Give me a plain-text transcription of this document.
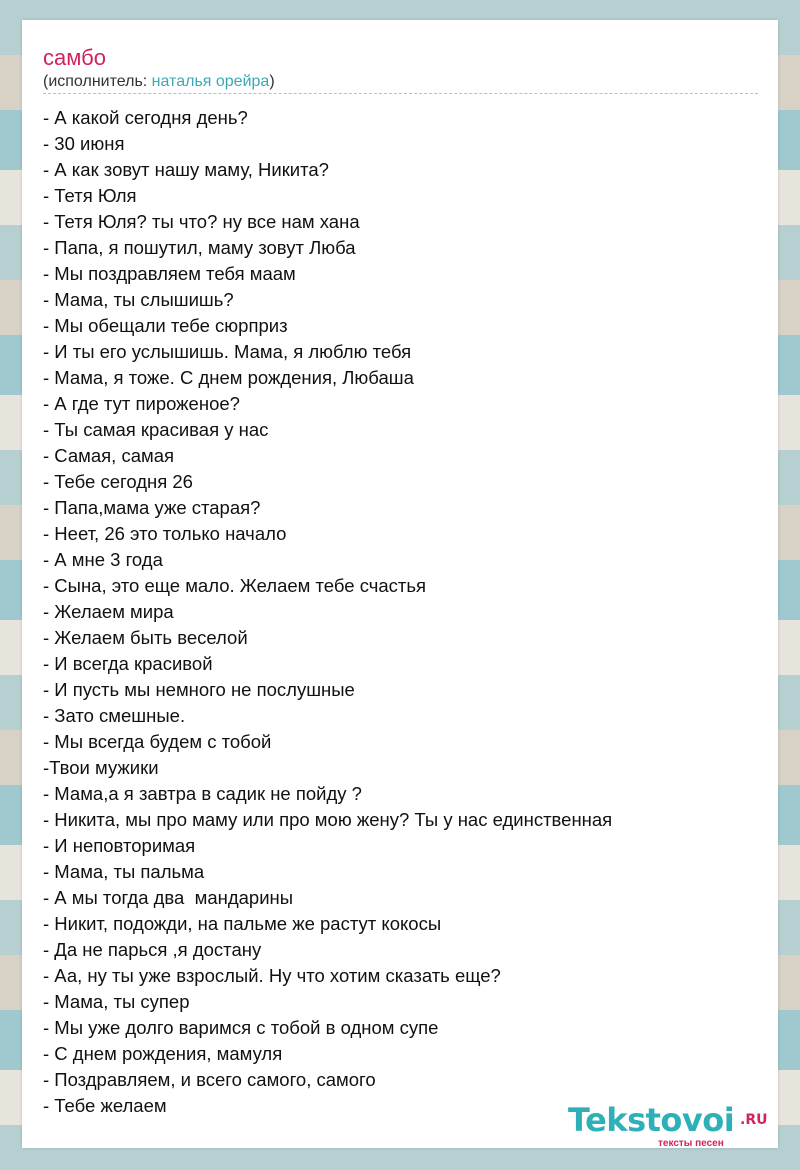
самбо
(исполнитель: наталья орейра)
- А какой сегодня день?
- 30 июня
- А как зовут нашу маму, Никита?
- Тетя Юля
- Тетя Юля? ты что? ну все нам хана
- Папа, я пошутил, маму зовут Люба
- Мы поздравляем тебя маам
- Мама, ты слышишь?
- Мы обещали тебе сюрприз
- И ты его услышишь. Мама, я люблю тебя
- Мама, я тоже. С днем рождения, Любаша
- А где тут пироженое?
- Ты самая красивая у нас
- Самая, самая
- Тебе сегодня 26
- Папа,мама уже старая?
- Неет, 26 это только начало
- А мне 3 года
- Сына, это еще мало. Желаем тебе счастья
- Желаем мира
- Желаем быть веселой
- И всегда красивой
- И пусть мы немного не послушные
- Зато смешные.
- Мы всегда будем с тобой
-Твои мужики
- Мама,а я завтра в садик не пойду ?
- Никита, мы про маму или про мою жену? Ты у нас единственная
- И неповторимая
- Мама, ты пальма
- А мы тогда два  мандарины
- Никит, подожди, на пальме же растут кокосы
- Да не парься ,я достану
- Аа, ну ты уже взрослый. Ну что хотим сказать еще?
- Мама, ты супер
- Мы уже долго варимся с тобой в одном супе
- С днем рождения, мамуля
- Поздравляем, и всего самого, самого
- Тебе желаем	Tekstovoi .RU
тексты песен
